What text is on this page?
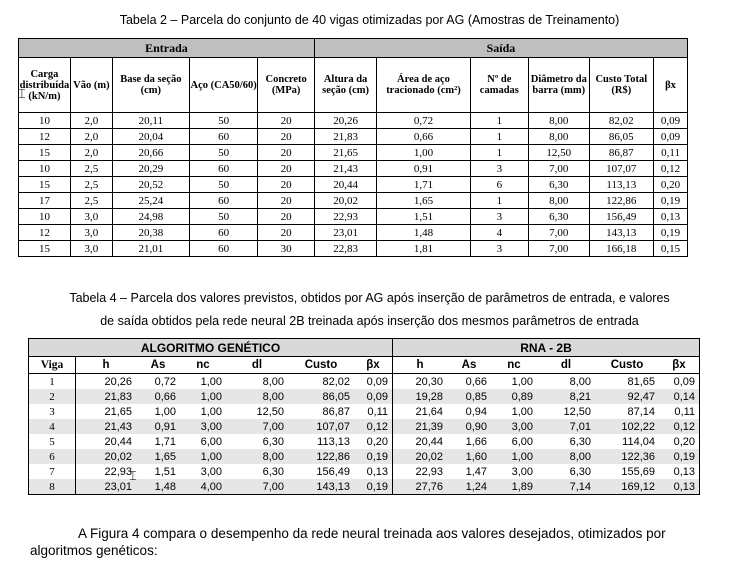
Tabela 2 – Parcela do conjunto de 40 vigas otimizadas por AG (Amostras de Treinamento)
Entrada					Saída					
Carga distribuída (kN/m)	Vão (m)	Base da seção (cm)	Aço (CA50/60)	Concreto (MPa)	Altura da seção (cm)	Área de aço tracionado (cm²)	Nº de camadas	Diâmetro da barra (mm)	Custo Total (R$)	βx
10	2,0	20,11	50	20	20,26	0,72	1	8,00	82,02	0,09
12	2,0	20,04	60	20	21,83	0,66	1	8,00	86,05	0,09
15	2,0	20,66	50	20	21,65	1,00	1	12,50	86,87	0,11
10	2,5	20,29	60	20	21,43	0,91	3	7,00	107,07	0,12
15	2,5	20,52	50	20	20,44	1,71	6	6,30	113,13	0,20
17	2,5	25,24	60	20	20,02	1,65	1	8,00	122,86	0,19
10	3,0	24,98	50	20	22,93	1,51	3	6,30	156,49	0,13
12	3,0	20,38	60	20	23,01	1,48	4	7,00	143,13	0,19
15	3,0	21,01	60	30	22,83	1,81	3	7,00	166,18	0,15
Tabela 4 – Parcela dos valores previstos, obtidos por AG após inserção de parâmetros de entrada, e valores
de saída obtidos pela rede neural 2B treinada após inserção dos mesmos parâmetros de entrada
ALGORITMO GENÉTICO							RNA - 2B					
Viga	h	As	nc	dl	Custo	βx	h	As	nc	dl	Custo	βx
1	20,26	0,72	1,00	8,00	82,02	0,09	20,30	0,66	1,00	8,00	81,65	0,09
2	21,83	0,66	1,00	8,00	86,05	0,09	19,28	0,85	0,89	8,21	92,47	0,14
3	21,65	1,00	1,00	12,50	86,87	0,11	21,64	0,94	1,00	12,50	87,14	0,11
4	21,43	0,91	3,00	7,00	107,07	0,12	21,39	0,90	3,00	7,01	102,22	0,12
5	20,44	1,71	6,00	6,30	113,13	0,20	20,44	1,66	6,00	6,30	114,04	0,20
6	20,02	1,65	1,00	8,00	122,86	0,19	20,02	1,60	1,00	8,00	122,36	0,19
7	22,93	1,51	3,00	6,30	156,49	0,13	22,93	1,47	3,00	6,30	155,69	0,13
8	23,01	1,48	4,00	7,00	143,13	0,19	27,76	1,24	1,89	7,14	169,12	0,13
A Figura 4 compara o desempenho da rede neural treinada aos valores desejados, otimizados por algoritmos genéticos:
⌶
⌶
